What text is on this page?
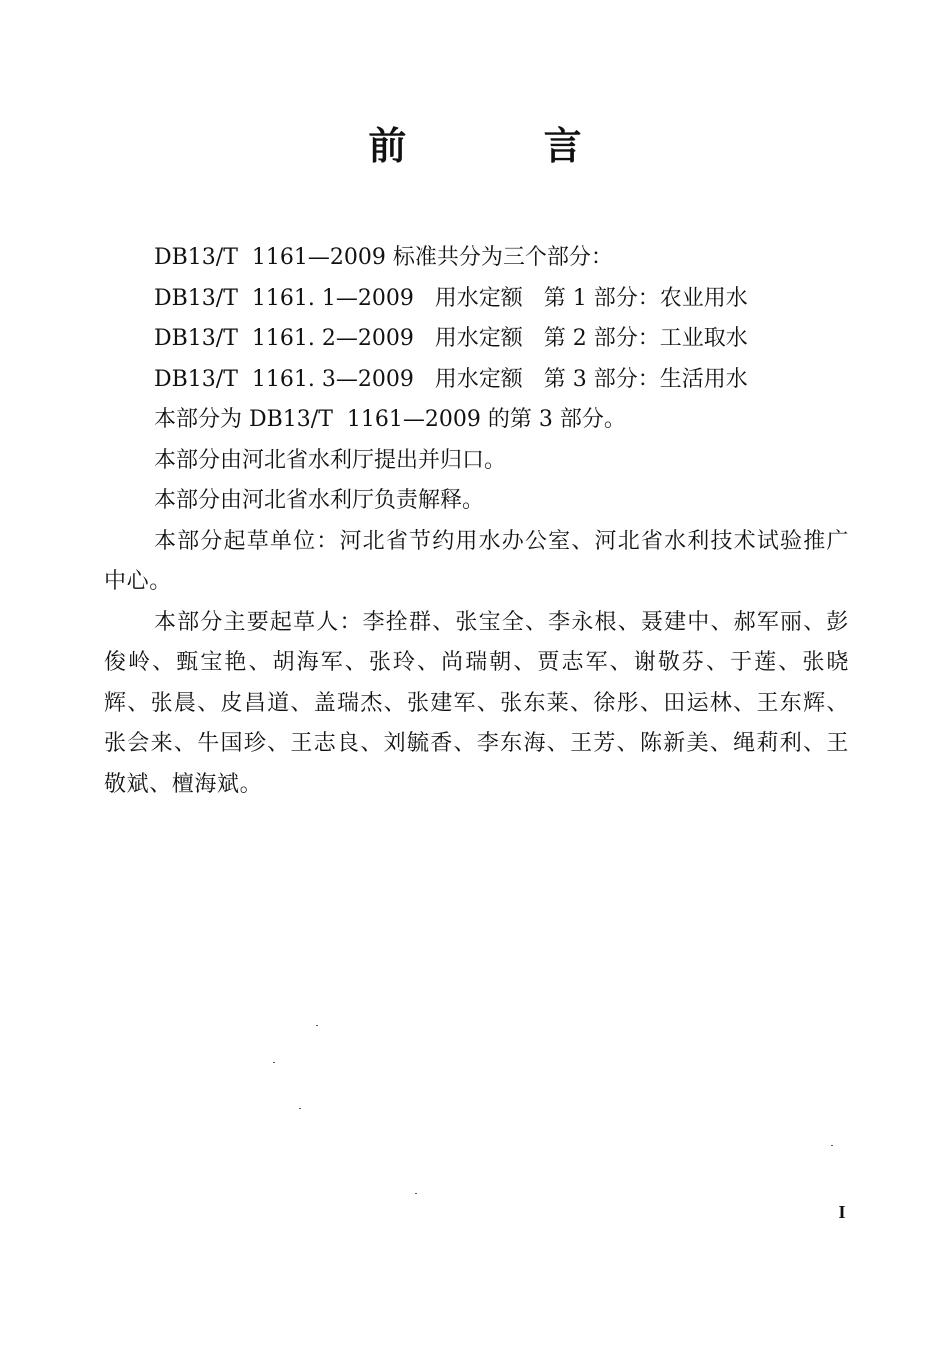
前 言
DB13/T  1161—2009 标准共分为三个部分：
DB13/T  1161. 1—2009   用水定额   第 1 部分：农业用水
DB13/T  1161. 2—2009   用水定额   第 2 部分：工业取水
DB13/T  1161. 3—2009   用水定额   第 3 部分：生活用水
本部分为 DB13/T  1161—2009 的第 3 部分。
本部分由河北省水利厅提出并归口。
本部分由河北省水利厅负责解释。

本部分起草单位：河北省节约用水办公室、河北省水利技术试验推广中心。

本部分主要起草人：李拴群、张宝全、李永根、聂建中、郝军丽、彭俊岭、甄宝艳、胡海军、张玲、尚瑞朝、贾志军、谢敬芬、于莲、张晓辉、张晨、皮昌道、盖瑞杰、张建军、张东莱、徐彤、田运林、王东辉、张会来、牛国珍、王志良、刘毓香、李东海、王芳、陈新美、绳莉利、王敬斌、檀海斌。

I
